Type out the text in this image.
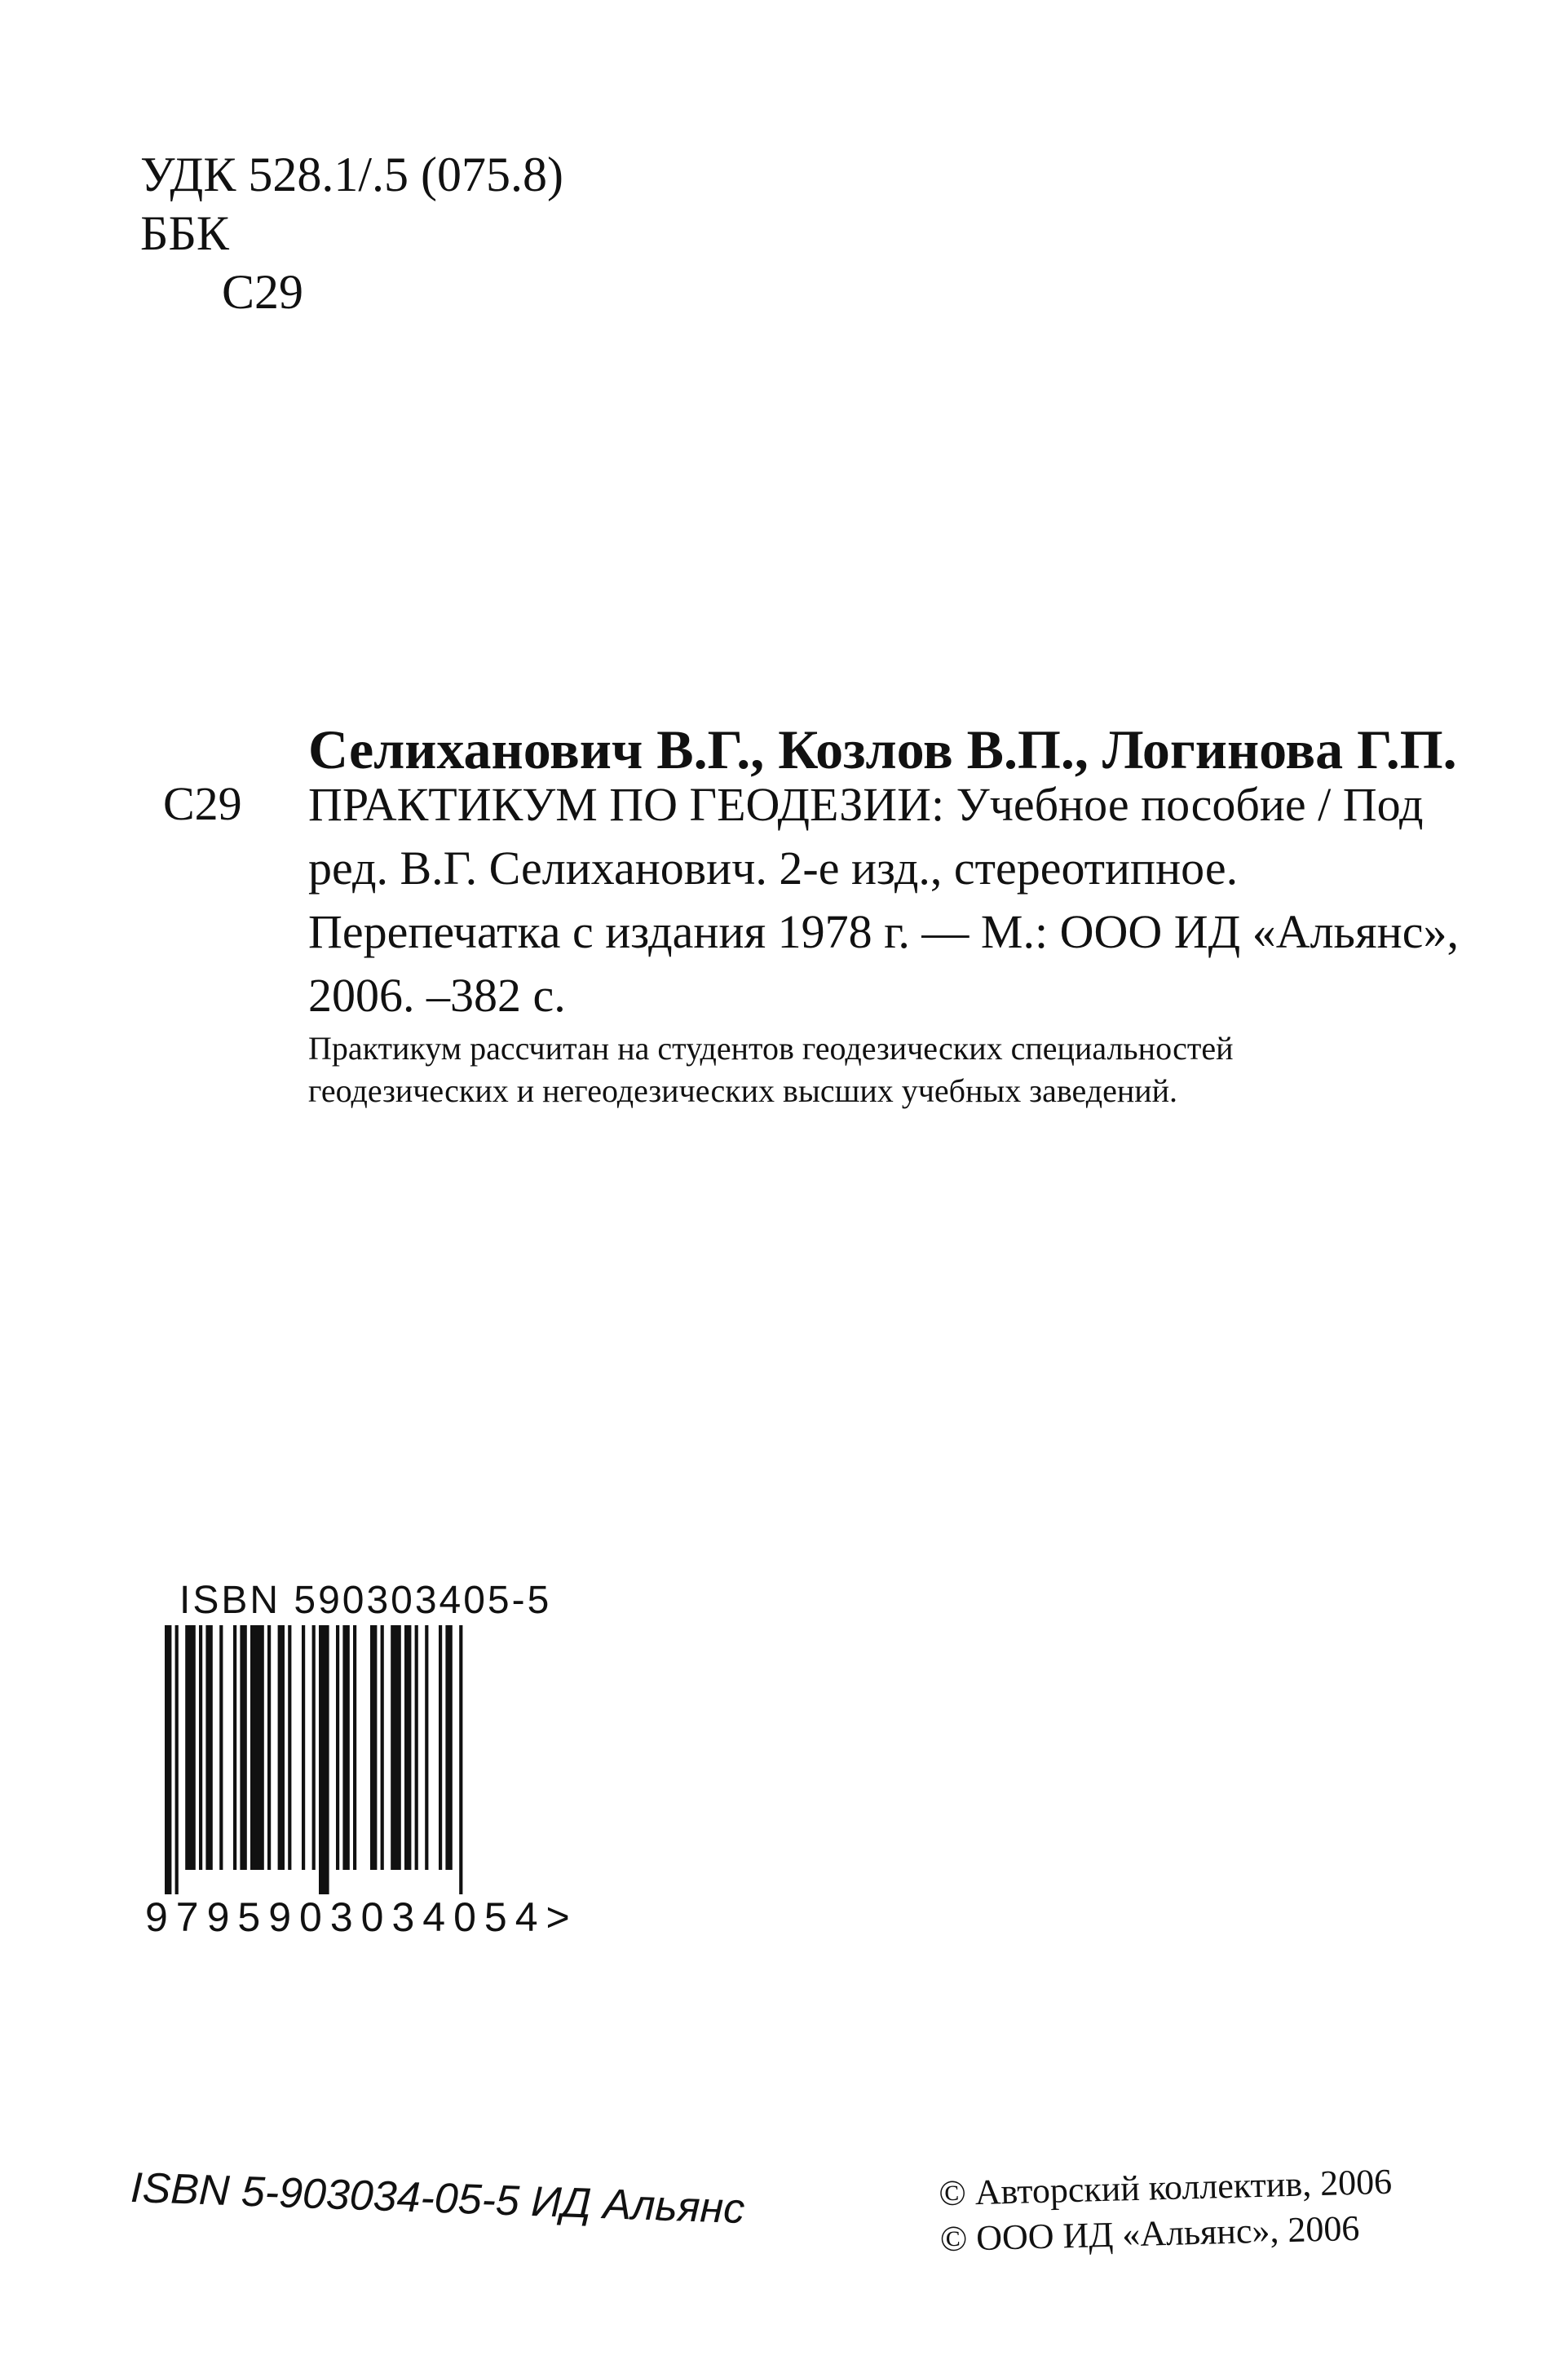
УДК 528.1/.5 (075.8)
ББК
С29
Селиханович В.Г., Козлов В.П., Логинова Г.П.
С29 ПРАКТИКУМ ПО ГЕОДЕЗИИ: Учебное пособие / Под ред. В.Г. Селиханович. 2-е изд., стереотипное. Перепечатка с издания 1978 г. — М.: ООО ИД «Альянс», 2006. –382 с.
Практикум рассчитан на студентов геодезических специальностей геодезических и негеодезических высших учебных заведений.
ISBN 590303405-5
9795903034054>
ISBN 5-903034-05-5 ИД Альянс	© Авторский коллектив, 2006
© ООО ИД «Альянс», 2006
